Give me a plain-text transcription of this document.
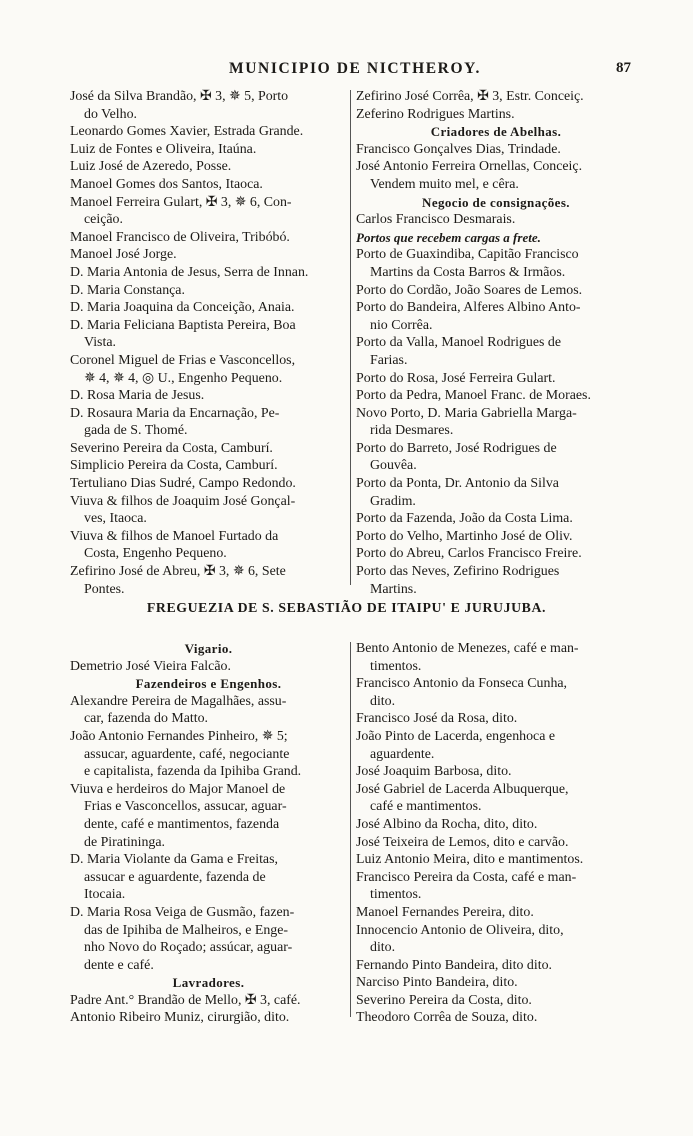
MUNICIPIO DE NICTHEROY.	87
José da Silva Brandão, ✠ 3, ✵ 5, Porto
do Velho.
Leonardo Gomes Xavier, Estrada Grande.
Luiz de Fontes e Oliveira, Itaúna.
Luiz José de Azeredo, Posse.
Manoel Gomes dos Santos, Itaoca.
Manoel Ferreira Gulart, ✠ 3, ✵ 6, Con-
ceição.
Manoel Francisco de Oliveira, Tribóbó.
Manoel José Jorge.
D. Maria Antonia de Jesus, Serra de Innan.
D. Maria Constança.
D. Maria Joaquina da Conceição, Anaia.
D. Maria Feliciana Baptista Pereira, Boa
Vista.
Coronel Miguel de Frias e Vasconcellos,
✵ 4, ✵ 4, ◎ U., Engenho Pequeno.
D. Rosa Maria de Jesus.
D. Rosaura Maria da Encarnação, Pe-
gada de S. Thomé.
Severino Pereira da Costa, Camburí.
Simplicio Pereira da Costa, Camburí.
Tertuliano Dias Sudré, Campo Redondo.
Viuva & filhos de Joaquim José Gonçal-
ves, Itaoca.
Viuva & filhos de Manoel Furtado da
Costa, Engenho Pequeno.
Zefirino José de Abreu, ✠ 3, ✵ 6, Sete
Pontes.
Zefirino José Corrêa, ✠ 3, Estr. Conceiç.
Zeferino Rodrigues Martins.
Criadores de Abelhas.
Francisco Gonçalves Dias, Trindade.
José Antonio Ferreira Ornellas, Conceiç.
Vendem muito mel, e cêra.
Negocio de consignações.
Carlos Francisco Desmarais.
Portos que recebem cargas a frete.
Porto de Guaxindiba, Capitão Francisco
Martins da Costa Barros & Irmãos.
Porto do Cordão, João Soares de Lemos.
Porto do Bandeira, Alferes Albino Anto-
nio Corrêa.
Porto da Valla, Manoel Rodrigues de
Farias.
Porto do Rosa, José Ferreira Gulart.
Porto da Pedra, Manoel Franc. de Moraes.
Novo Porto, D. Maria Gabriella Marga-
rida Desmares.
Porto do Barreto, José Rodrigues de
Gouvêa.
Porto da Ponta, Dr. Antonio da Silva
Gradim.
Porto da Fazenda, João da Costa Lima.
Porto do Velho, Martinho José de Oliv.
Porto do Abreu, Carlos Francisco Freire.
Porto das Neves, Zefirino Rodrigues
Martins.
FREGUEZIA DE S. SEBASTIÃO DE ITAIPU' E JURUJUBA.
Vigario.
Demetrio José Vieira Falcão.
Fazendeiros e Engenhos.
Alexandre Pereira de Magalhães, assu-
car, fazenda do Matto.
João Antonio Fernandes Pinheiro, ✵ 5;
assucar, aguardente, café, negociante
e capitalista, fazenda da Ipihiba Grand.
Viuva e herdeiros do Major Manoel de
Frias e Vasconcellos, assucar, aguar-
dente, café e mantimentos, fazenda
de Piratininga.
D. Maria Violante da Gama e Freitas,
assucar e aguardente, fazenda de
Itocaia.
D. Maria Rosa Veiga de Gusmão, fazen-
das de Ipihiba de Malheiros, e Enge-
nho Novo do Roçado; assúcar, aguar-
dente e café.
Lavradores.
Padre Ant.° Brandão de Mello, ✠ 3, café.
Antonio Ribeiro Muniz, cirurgião, dito.
Bento Antonio de Menezes, café e man-
timentos.
Francisco Antonio da Fonseca Cunha,
dito.
Francisco José da Rosa, dito.
João Pinto de Lacerda, engenhoca e
aguardente.
José Joaquim Barbosa, dito.
José Gabriel de Lacerda Albuquerque,
café e mantimentos.
José Albino da Rocha, dito, dito.
José Teixeira de Lemos, dito e carvão.
Luiz Antonio Meira, dito e mantimentos.
Francisco Pereira da Costa, café e man-
timentos.
Manoel Fernandes Pereira, dito.
Innocencio Antonio de Oliveira, dito,
dito.
Fernando Pinto Bandeira, dito dito.
Narciso Pinto Bandeira, dito.
Severino Pereira da Costa, dito.
Theodoro Corrêa de Souza, dito.
